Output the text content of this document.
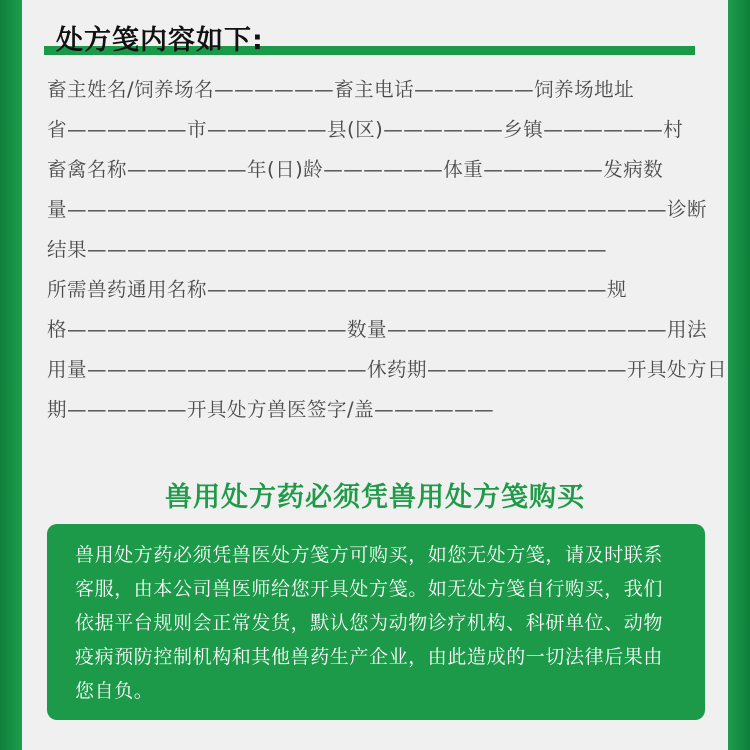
处方笺内容如下:
畜主姓名/饲养场名——————畜主电话——————饲养场地址
省——————市——————县(区)——————乡镇——————村
畜禽名称——————年(日)龄——————体重——————发病数
量——————————————————————————————诊断
结果——————————————————————————
所需兽药通用名称————————————————————规
格——————————————数量——————————————用法
用量——————————————休药期——————————开具处方日
期——————开具处方兽医签字/盖——————
兽用处方药必须凭兽用处方笺购买

兽用处方药必须凭兽医处方笺方可购买，如您无处方笺，请及时联系客服，由本公司兽医师给您开具处方笺。如无处方笺自行购买，我们依据平台规则会正常发货，默认您为动物诊疗机构、科研单位、动物疫病预防控制机构和其他兽药生产企业，由此造成的一切法律后果由您自负。
